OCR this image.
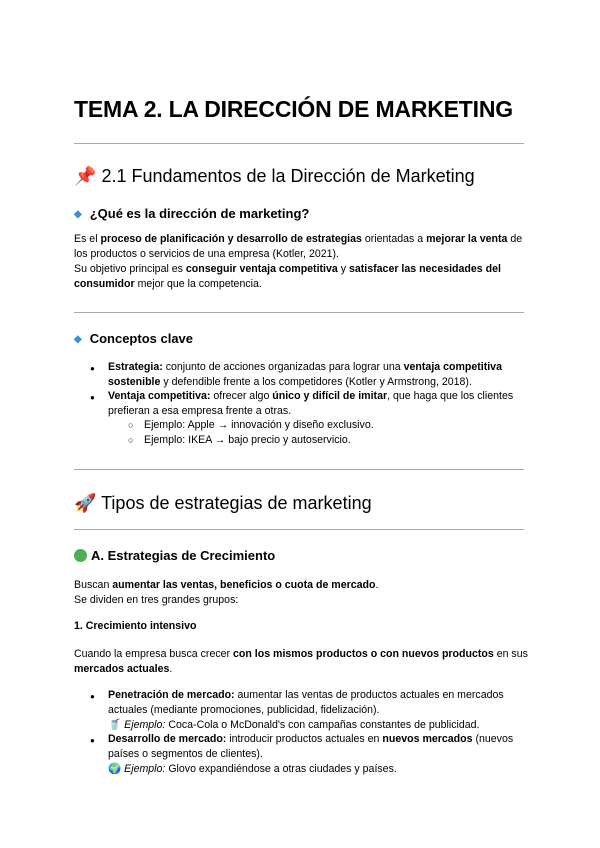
TEMA 2. LA DIRECCIÓN DE MARKETING
📌 2.1 Fundamentos de la Dirección de Marketing
◆ ¿Qué es la dirección de marketing?
Es el proceso de planificación y desarrollo de estrategias orientadas a mejorar la venta de los productos o servicios de una empresa (Kotler, 2021).
Su objetivo principal es conseguir ventaja competitiva y satisfacer las necesidades del consumidor mejor que la competencia.
◆ Conceptos clave
● Estrategia: conjunto de acciones organizadas para lograr una ventaja competitiva sostenible y defendible frente a los competidores (Kotler y Armstrong, 2018).
● Ventaja competitiva: ofrecer algo único y difícil de imitar, que haga que los clientes prefieran a esa empresa frente a otras.
○ Ejemplo: Apple → innovación y diseño exclusivo.
○ Ejemplo: IKEA → bajo precio y autoservicio.
🚀 Tipos de estrategias de marketing
A. Estrategias de Crecimiento
Buscan aumentar las ventas, beneficios o cuota de mercado.
Se dividen en tres grandes grupos:
1. Crecimiento intensivo
Cuando la empresa busca crecer con los mismos productos o con nuevos productos en sus mercados actuales.
● Penetración de mercado: aumentar las ventas de productos actuales en mercados actuales (mediante promociones, publicidad, fidelización).
🥤 Ejemplo: Coca-Cola o McDonald's con campañas constantes de publicidad.
● Desarrollo de mercado: introducir productos actuales en nuevos mercados (nuevos países o segmentos de clientes).
🌍 Ejemplo: Glovo expandiéndose a otras ciudades y países.
